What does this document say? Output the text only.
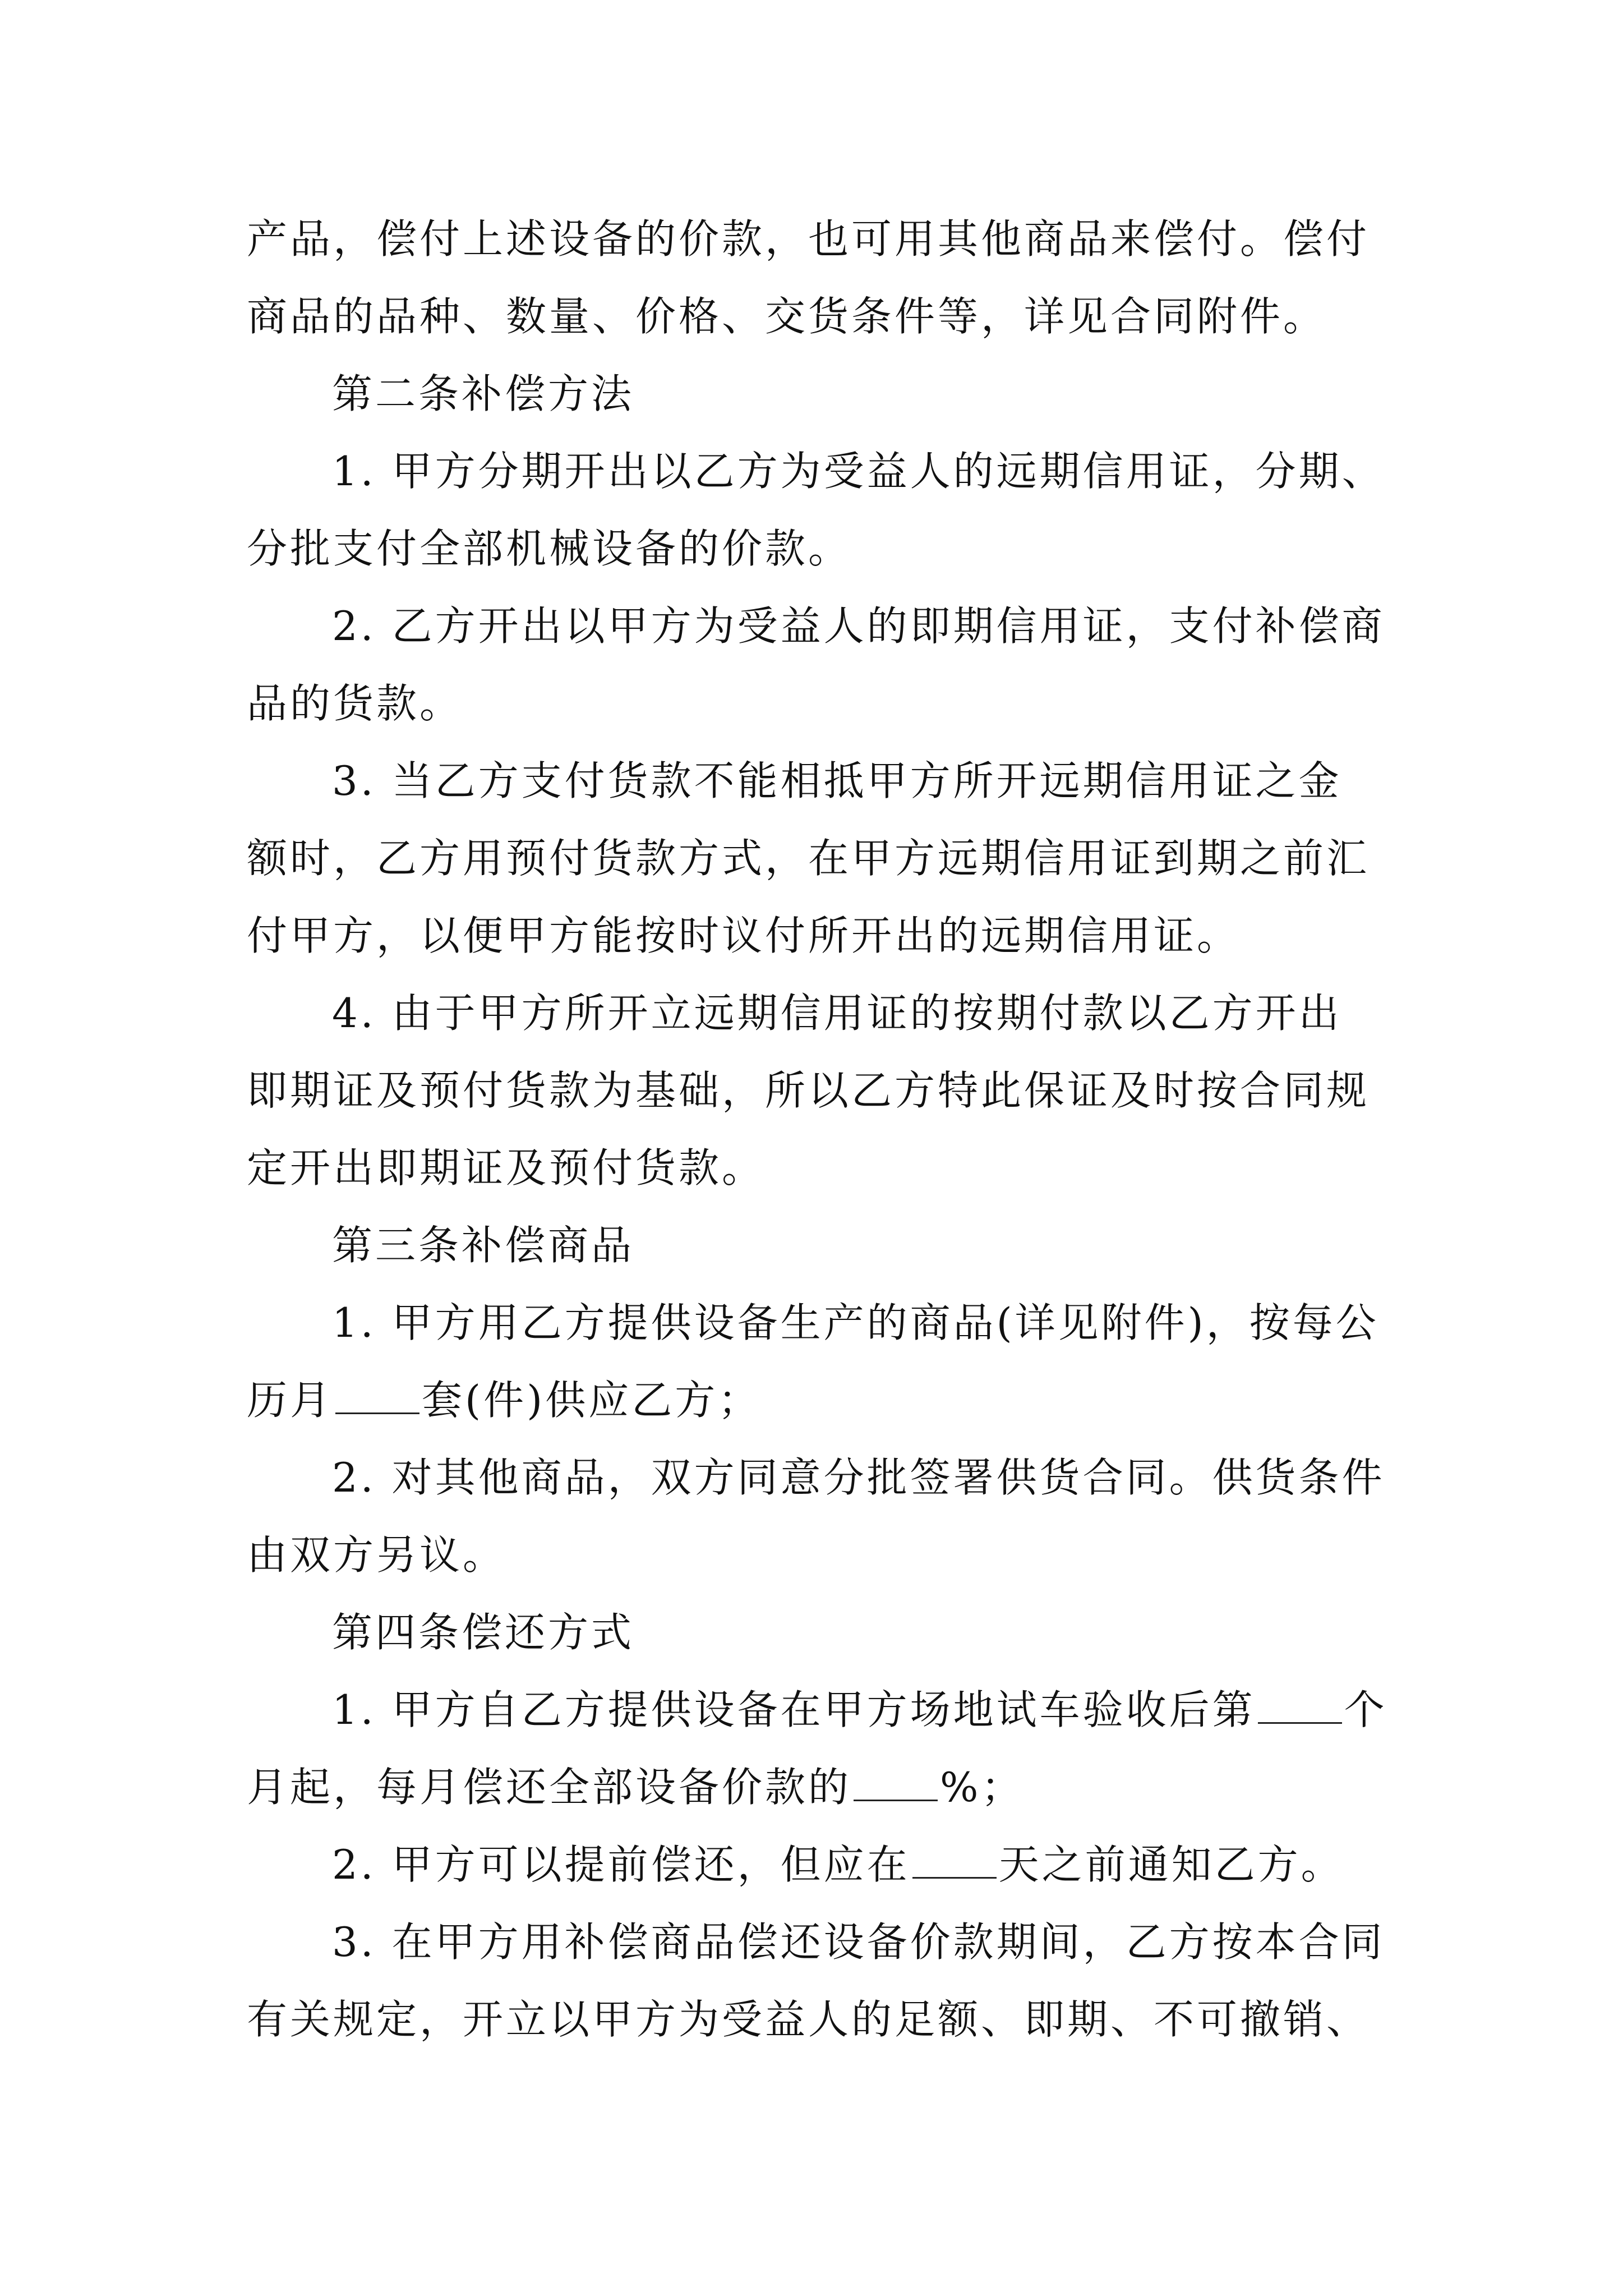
产品，偿付上述设备的价款，也可用其他商品来偿付。偿付
商品的品种、数量、价格、交货条件等，详见合同附件。
第二条补偿方法
1. 甲方分期开出以乙方为受益人的远期信用证，分期、
分批支付全部机械设备的价款。
2. 乙方开出以甲方为受益人的即期信用证，支付补偿商
品的货款。
3. 当乙方支付货款不能相抵甲方所开远期信用证之金
额时，乙方用预付货款方式，在甲方远期信用证到期之前汇
付甲方，以便甲方能按时议付所开出的远期信用证。
4. 由于甲方所开立远期信用证的按期付款以乙方开出
即期证及预付货款为基础，所以乙方特此保证及时按合同规
定开出即期证及预付货款。
第三条补偿商品
1. 甲方用乙方提供设备生产的商品(详见附件)，按每公
历月 套(件)供应乙方；
2. 对其他商品，双方同意分批签署供货合同。供货条件
由双方另议。
第四条偿还方式
1. 甲方自乙方提供设备在甲方场地试车验收后第 个
月起，每月偿还全部设备价款的 %；
2. 甲方可以提前偿还，但应在 天之前通知乙方。
3. 在甲方用补偿商品偿还设备价款期间，乙方按本合同
有关规定，开立以甲方为受益人的足额、即期、不可撤销、
